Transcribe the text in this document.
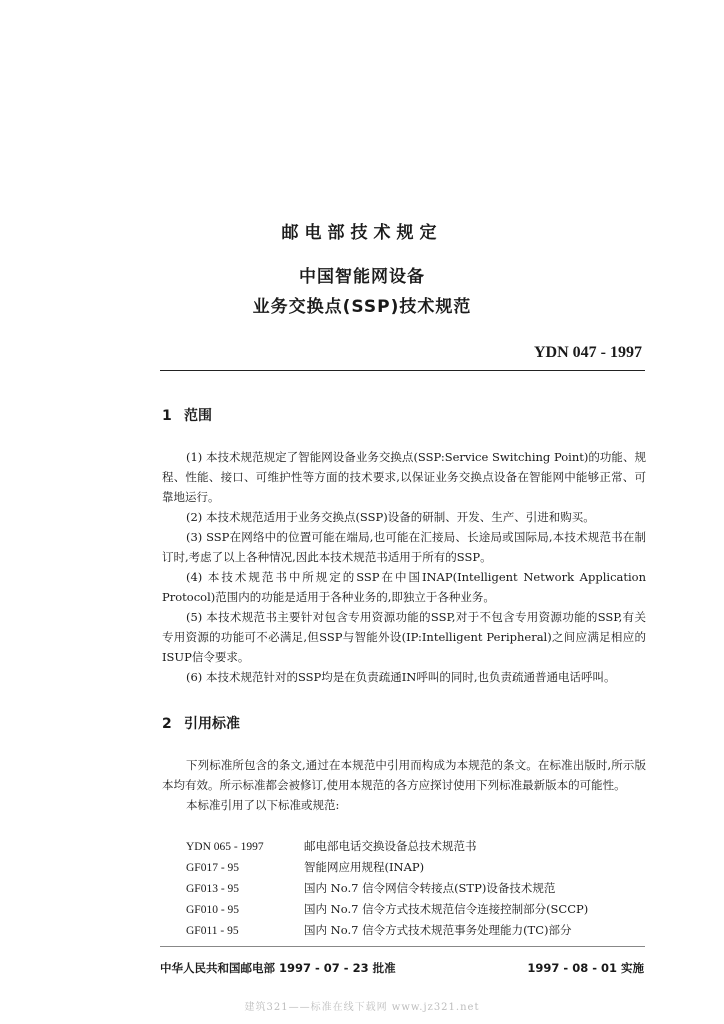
邮电部技术规定
中国智能网设备
业务交换点(SSP)技术规范
YDN 047 - 1997
1 范围

(1) 本技术规范规定了智能网设备业务交换点(SSP:Service Switching Point)的功能、规程、性能、接口、可维护性等方面的技术要求,以保证业务交换点设备在智能网中能够正常、可靠地运行。

(2) 本技术规范适用于业务交换点(SSP)设备的研制、开发、生产、引进和购买。

(3) SSP在网络中的位置可能在端局,也可能在汇接局、长途局或国际局,本技术规范书在制订时,考虑了以上各种情况,因此本技术规范书适用于所有的SSP。

(4) 本技术规范书中所规定的SSP在中国INAP(Intelligent Network Application Protocol)范围内的功能是适用于各种业务的,即独立于各种业务。

(5) 本技术规范书主要针对包含专用资源功能的SSP,对于不包含专用资源功能的SSP,有关专用资源的功能可不必满足,但SSP与智能外设(IP:Intelligent Peripheral)之间应满足相应的ISUP信令要求。

(6) 本技术规范针对的SSP均是在负责疏通IN呼叫的同时,也负责疏通普通电话呼叫。

2 引用标准

下列标准所包含的条文,通过在本规范中引用而构成为本规范的条文。在标准出版时,所示版本均有效。所示标准都会被修订,使用本规范的各方应探讨使用下列标准最新版本的可能性。

本标准引用了以下标准或规范:

YDN 065 - 1997	邮电部电话交换设备总技术规范书
GF017 - 95	智能网应用规程(INAP)
GF013 - 95	国内 No.7 信令网信令转接点(STP)设备技术规范
GF010 - 95	国内 No.7 信令方式技术规范信令连接控制部分(SCCP)
GF011 - 95	国内 No.7 信令方式技术规范事务处理能力(TC)部分
中华人民共和国邮电部 1997 - 07 - 23 批准	1997 - 08 - 01 实施
建筑321——标准在线下载网 www.jz321.net
